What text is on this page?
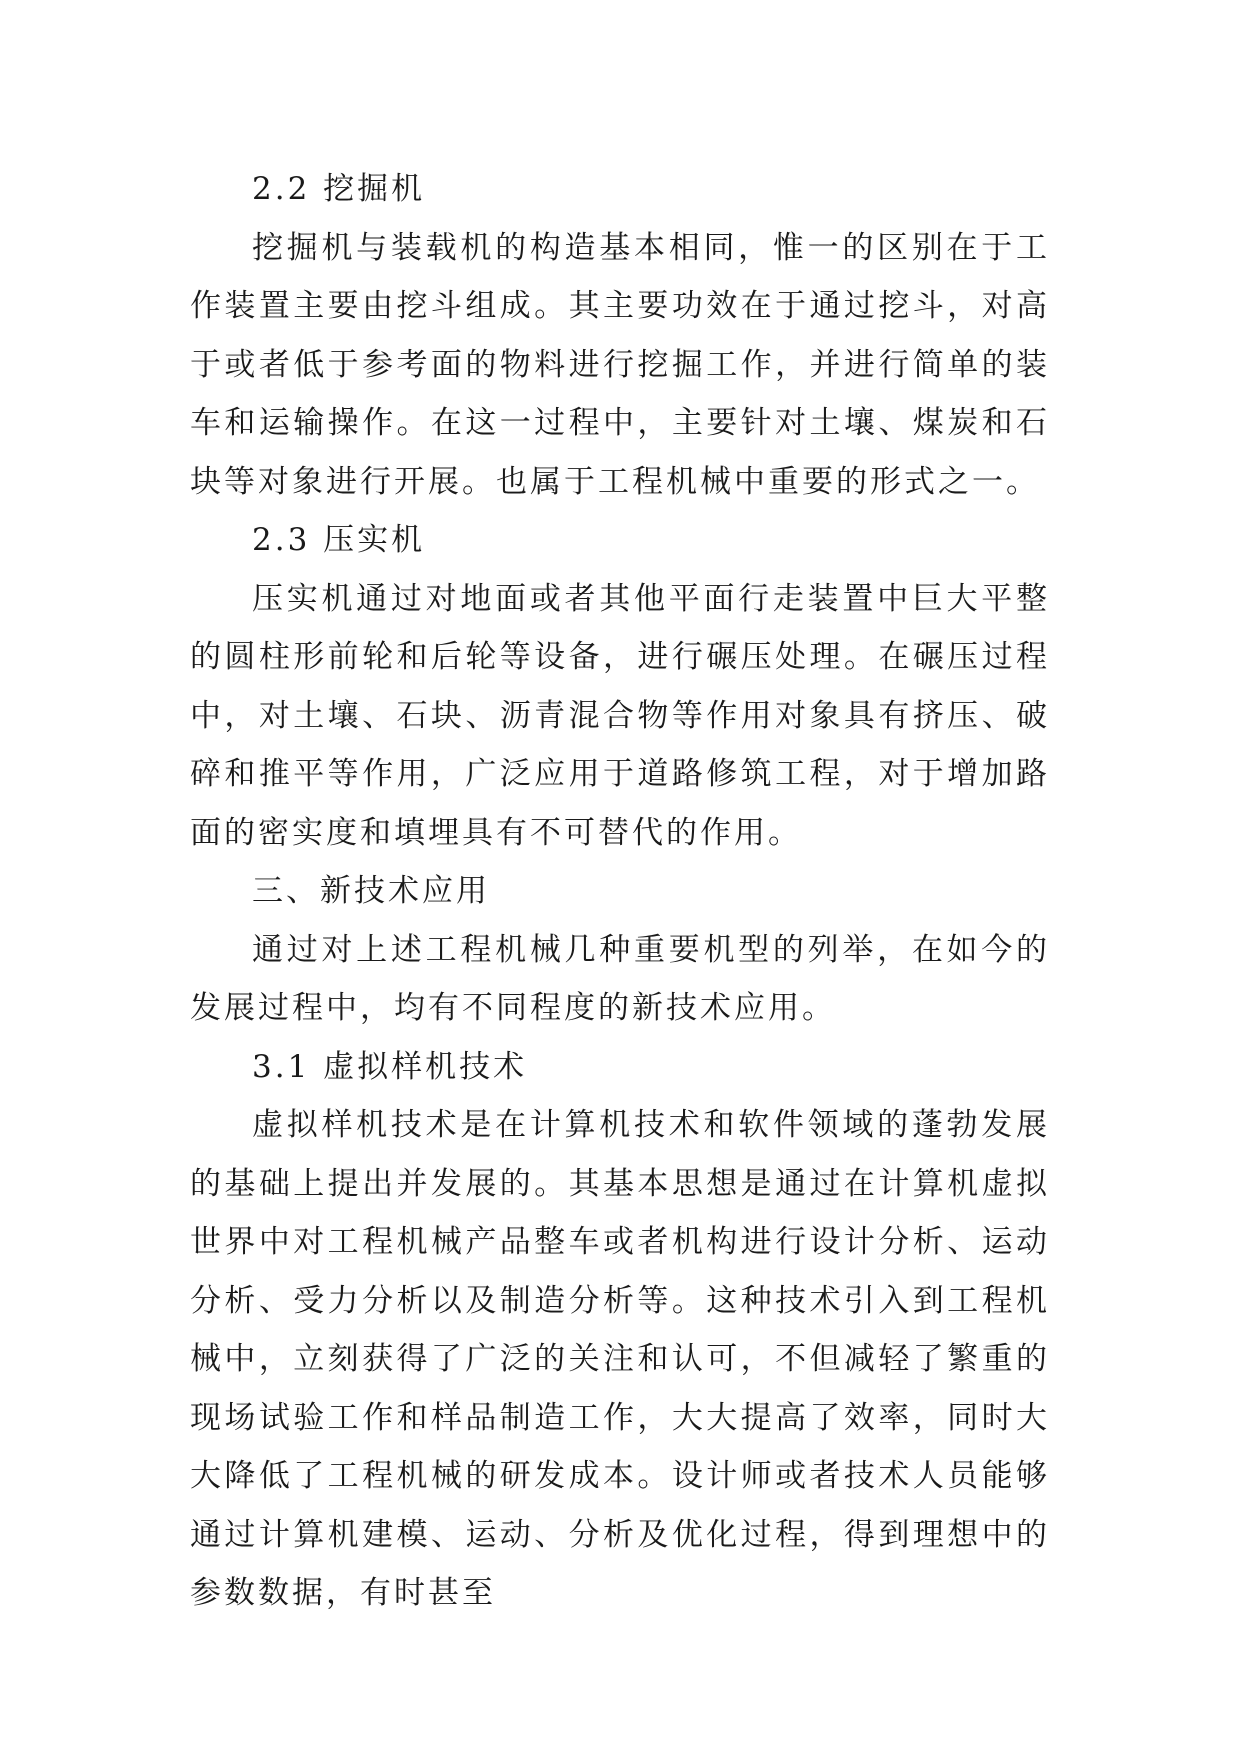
2.2 挖掘机

挖掘机与装载机的构造基本相同，惟一的区别在于工作装置主要由挖斗组成。其主要功效在于通过挖斗，对高于或者低于参考面的物料进行挖掘工作，并进行简单的装车和运输操作。在这一过程中，主要针对土壤、煤炭和石块等对象进行开展。也属于工程机械中重要的形式之一。

2.3 压实机

压实机通过对地面或者其他平面行走装置中巨大平整的圆柱形前轮和后轮等设备，进行碾压处理。在碾压过程中，对土壤、石块、沥青混合物等作用对象具有挤压、破碎和推平等作用，广泛应用于道路修筑工程，对于增加路面的密实度和填埋具有不可替代的作用。

三、新技术应用

通过对上述工程机械几种重要机型的列举，在如今的发展过程中，均有不同程度的新技术应用。

3.1 虚拟样机技术

虚拟样机技术是在计算机技术和软件领域的蓬勃发展的基础上提出并发展的。其基本思想是通过在计算机虚拟世界中对工程机械产品整车或者机构进行设计分析、运动分析、受力分析以及制造分析等。这种技术引入到工程机械中，立刻获得了广泛的关注和认可，不但减轻了繁重的现场试验工作和样品制造工作，大大提高了效率，同时大大降低了工程机械的研发成本。设计师或者技术人员能够通过计算机建模、运动、分析及优化过程，得到理想中的参数数据，有时甚至
